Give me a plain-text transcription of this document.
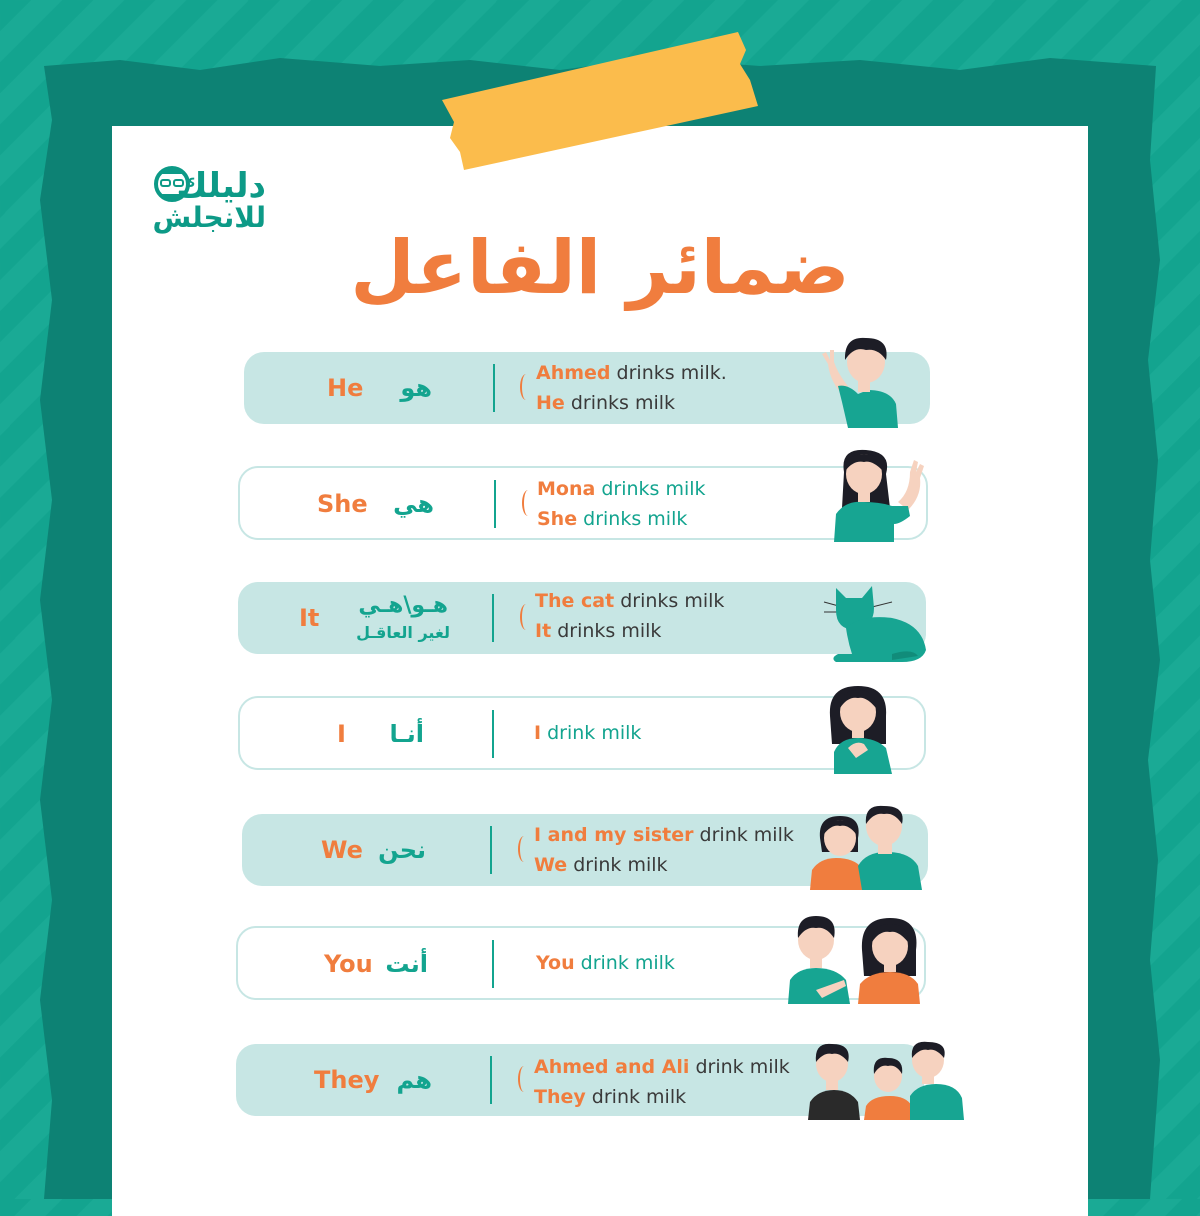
دليلك
للانجلش
ضمائر الفاعل
He	هو
Ahmed drinks milk.
He drinks milk
She	هي
Mona drinks milk
She drinks milk
It	هـو\هـي
لغير العاقـل
The cat drinks milk
It drinks milk
I	أنـا	I drink milk
We نحن
I and my sister drink milk
We drink milk
You أنت	You drink milk
They هم	Ahmed and Ali drink milk
They drink milk
